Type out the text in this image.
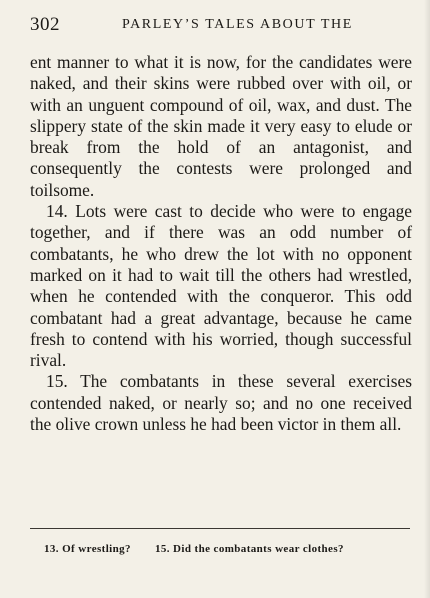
302	PARLEY’S TALES ABOUT THE

ent manner to what it is now, for the candidates were naked, and their skins were rubbed over with oil, or with an unguent compound of oil, wax, and dust. The slippery state of the skin made it very easy to elude or break from the hold of an antagonist, and consequently the contests were prolonged and toilsome.

14. Lots were cast to decide who were to engage together, and if there was an odd number of combatants, he who drew the lot with no opponent marked on it had to wait till the others had wrestled, when he contended with the conqueror. This odd combatant had a great advantage, because he came fresh to contend with his worried, though successful rival.

15. The combatants in these several exercises contended naked, or nearly so; and no one received the olive crown unless he had been victor in them all.

13. Of wrestling? 15. Did the combatants wear clothes?
